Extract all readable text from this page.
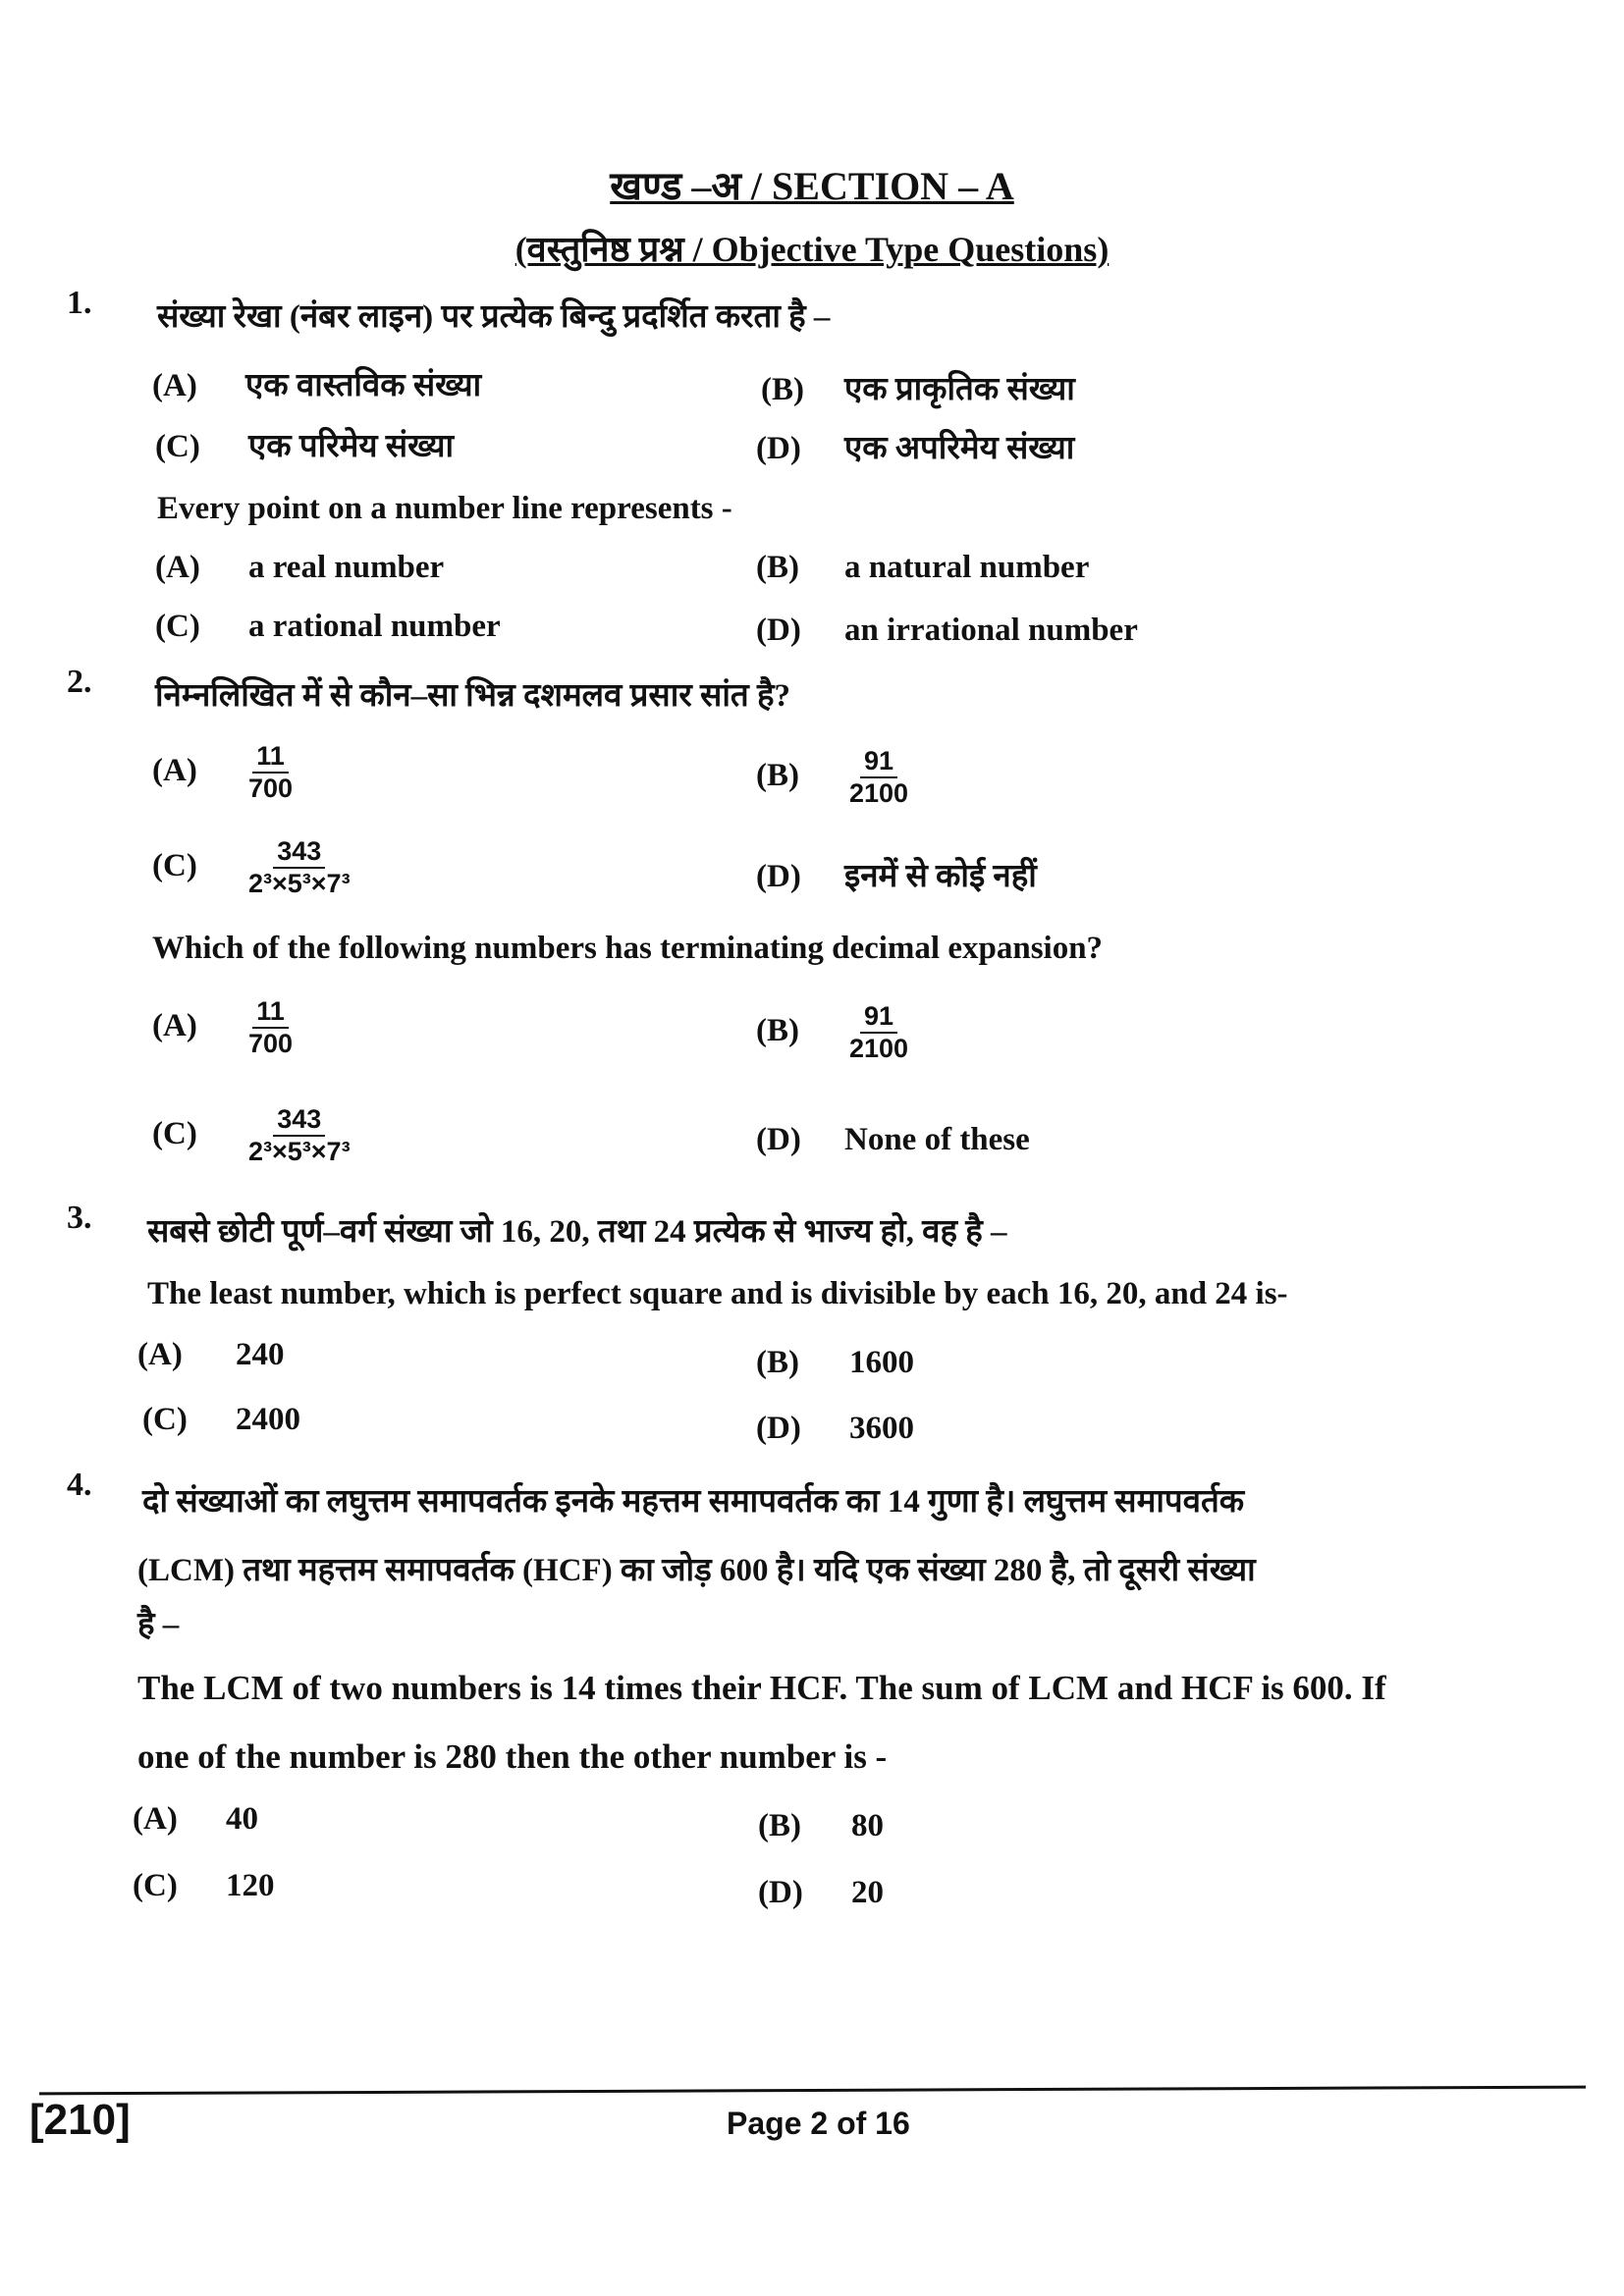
खण्ड –अ / SECTION – A
(वस्तुनिष्ठ प्रश्न / Objective Type Questions)
1. संख्या रेखा (नंबर लाइन) पर प्रत्येक बिन्दु प्रदर्शित करता है –
(A) एक वास्तविक संख्या	(B) एक प्राकृतिक संख्या
(C) एक परिमेय संख्या	(D) एक अपरिमेय संख्या
Every point on a number line represents -
(A) a real number	(B) a natural number
(C) a rational number	(D) an irrational number
2. निम्नलिखित में से कौन–सा भिन्न दशमलव प्रसार सांत है?
$(A) \frac{11}{700}$	$(B) \frac{91}{2100}$
$(C) \frac{343}{\text{2³×5³×7³}}$	(D) इनमें से कोई नहीं
Which of the following numbers has terminating decimal expansion?
$(A) \frac{11}{700}$	$(B) \frac{91}{2100}$
$(C) \frac{343}{\text{2³×5³×7³}}$	(D) None of these
3. सबसे छोटी पूर्ण–वर्ग संख्या जो 16, 20, तथा 24 प्रत्येक से भाज्य हो, वह है –
The least number, which is perfect square and is divisible by each 16, 20, and 24 is-
(A) 240	(B) 1600
(C) 2400	(D) 3600
4. दो संख्याओं का लघुत्तम समापवर्तक इनके महत्तम समापवर्तक का 14 गुणा है। लघुत्तम समापवर्तक
(LCM) तथा महत्तम समापवर्तक (HCF) का जोड़ 600 है। यदि एक संख्या 280 है, तो दूसरी संख्या
है –
The LCM of two numbers is 14 times their HCF. The sum of LCM and HCF is 600. If
one of the number is 280 then the other number is -
(A) 40	(B) 80
(C) 120	(D) 20
[210]	Page 2 of 16
